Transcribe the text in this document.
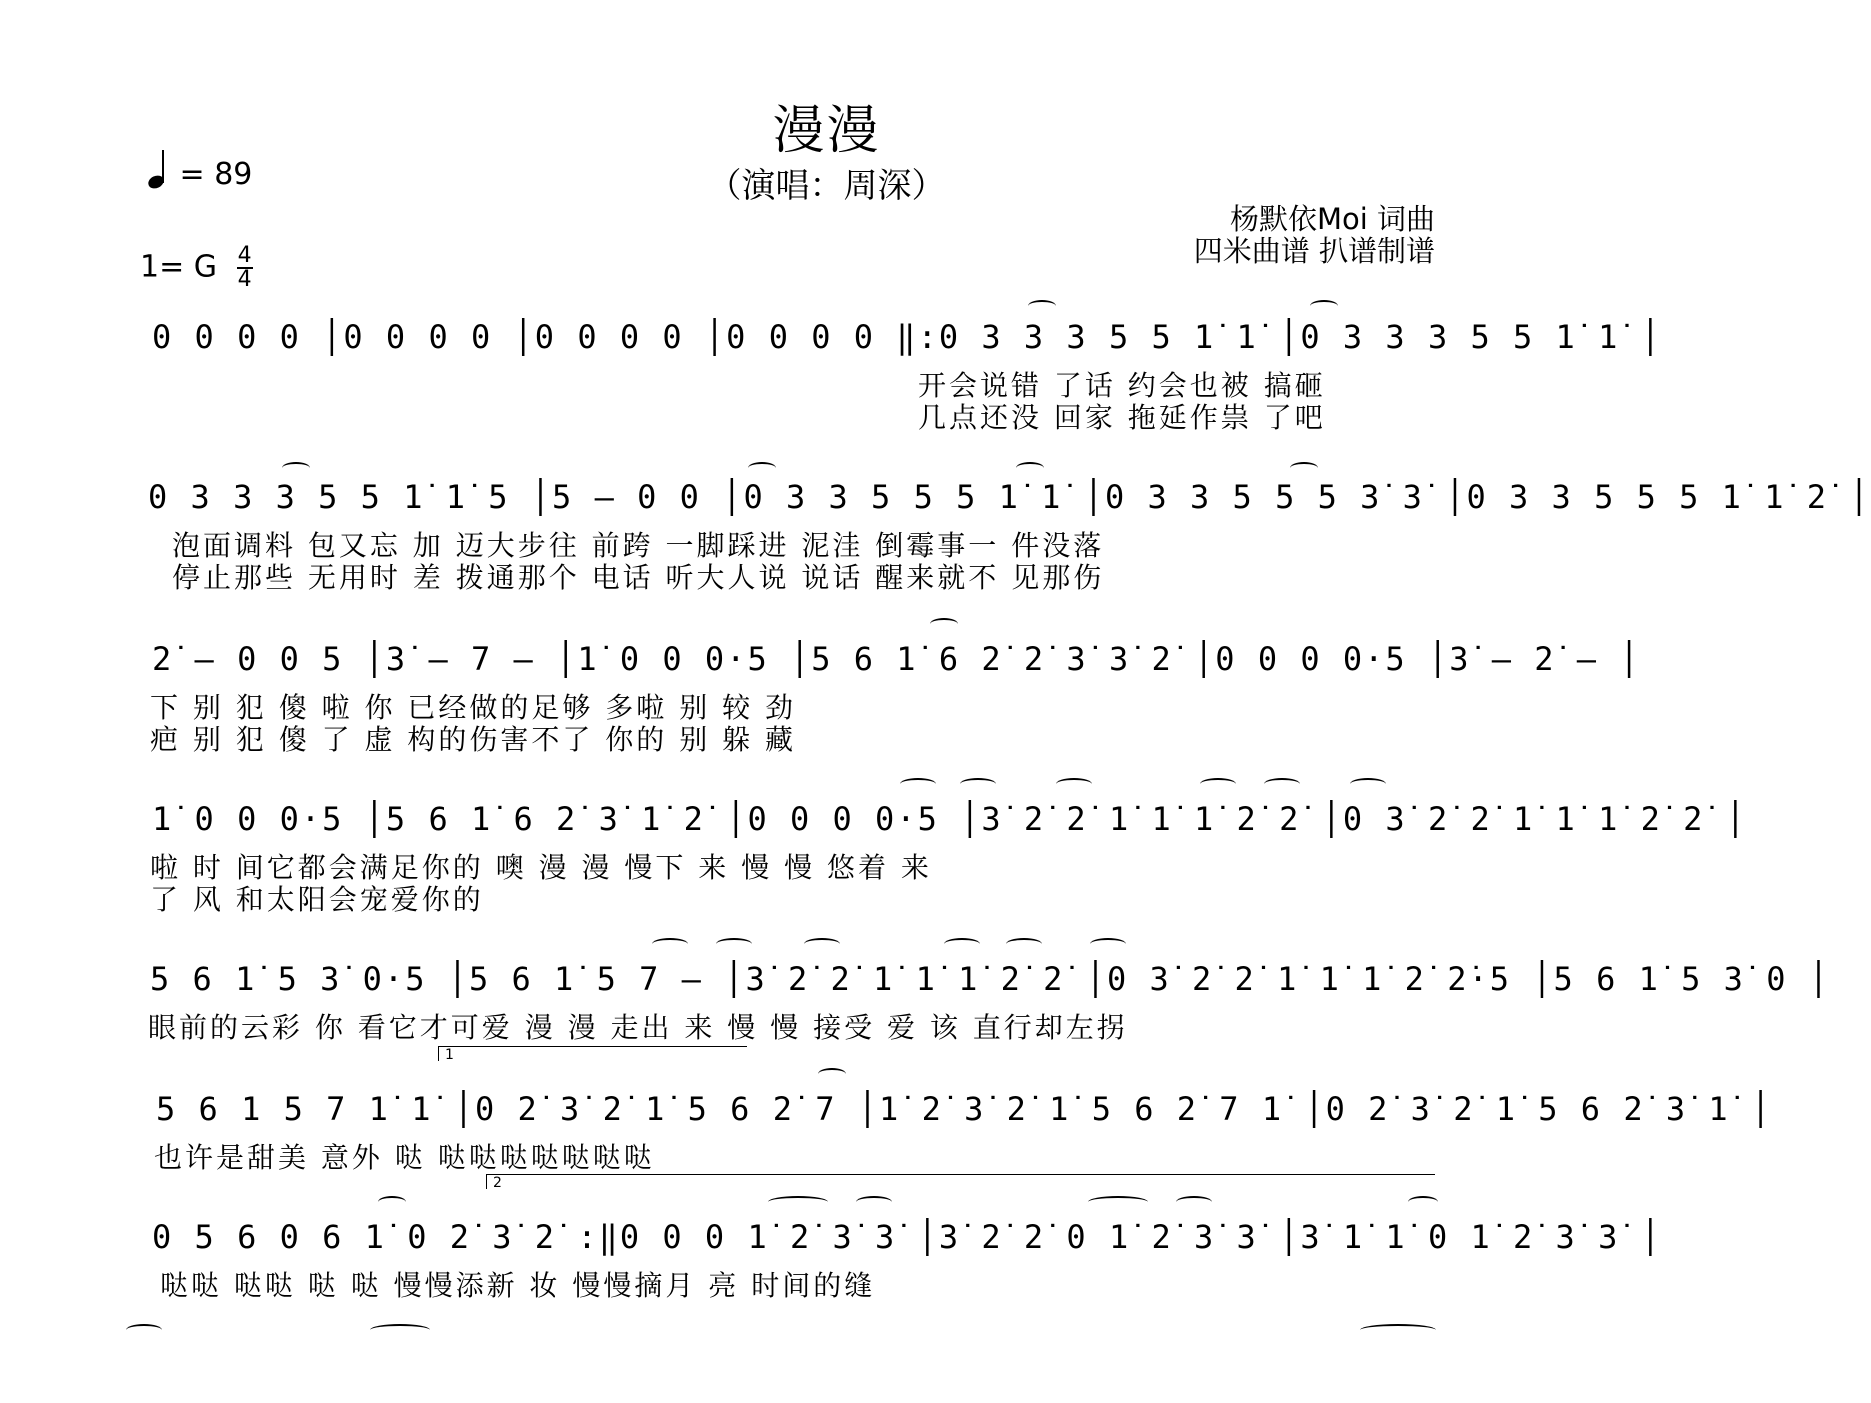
漫漫
（演唱：周深）
= 89
1= G $\frac{4}{4}$
杨默依Moi 词曲
四米曲谱 扒谱制谱
0 0 0 0 │0 0 0 0 │0 0 0 0 │0 0 0 0 ‖:0 3 3 3 5 5 1̇ 1̇ │0 3 3 3 5 5 1̇ 1̇ │
开会说错 了话 约会也被 搞砸
几点还没 回家 拖延作祟 了吧
0 3 3 3 5 5 1̇ 1̇ 5 │5 — 0 0 │0 3 3 5 5 5 1̇ 1̇ │0 3 3 5 5 5 3̇ 3̇ │0 3 3 5 5 5 1̇ 1̇ 2̇ │
泡面调料 包又忘 加 迈大步往 前跨 一脚踩进 泥洼 倒霉事一 件没落
停止那些 无用时 差 拨通那个 电话 听大人说 说话 醒来就不 见那伤
2̇ — 0 0 5 │3̇ — 7 — │1̇ 0 0 0·5 │5 6 1̇ 6 2̇ 2̇ 3̇ 3̇ 2̇ │0 0 0 0·5 │3̇ — 2̇ — │
下 别 犯 傻 啦 你 已经做的足够 多啦 别 较 劲
疤 别 犯 傻 了 虚 构的伤害不了 你的 别 躲 藏
1̇ 0 0 0·5 │5 6 1̇ 6 2̇ 3̇ 1̇ 2̇ │0 0 0 0·5 │3̇ 2̇ 2̇ 1̇ 1̇ 1̇ 2̇ 2̇ │0 3̇ 2̇ 2̇ 1̇ 1̇ 1̇ 2̇ 2̇ │
啦 时 间它都会满足你的 噢 漫 漫 慢下 来 慢 慢 悠着 来
了 风 和太阳会宠爱你的
5 6 1̇ 5 3̇ 0·5 │5 6 1̇ 5 7 — │3̇ 2̇ 2̇ 1̇ 1̇ 1̇ 2̇ 2̇ │0 3̇ 2̇ 2̇ 1̇ 1̇ 1̇ 2̇ 2̇·5 │5 6 1̇ 5 3̇ 0 │
眼前的云彩 你 看它才可爱 漫 漫 走出 来 慢 慢 接受 爱 该 直行却左拐
1
5 6 1 5 7 1̇ 1̇ │0 2̇ 3̇ 2̇ 1̇ 5 6 2̇ 7 │1̇ 2̇ 3̇ 2̇ 1̇ 5 6 2̇ 7 1̇ │0 2̇ 3̇ 2̇ 1̇ 5 6 2̇ 3̇ 1̇ │
也许是甜美 意外 哒 哒哒哒哒哒哒哒
2
0 5 6 0 6 1̇ 0 2̇ 3̇ 2̇ :‖0 0 0 1̇ 2̇ 3̇ 3̇ │3̇ 2̇ 2̇ 0 1̇ 2̇ 3̇ 3̇ │3̇ 1̇ 1̇ 0 1̇ 2̇ 3̇ 3̇ │
哒哒 哒哒 哒 哒 慢慢添新 妆 慢慢摘月 亮 时间的缝
